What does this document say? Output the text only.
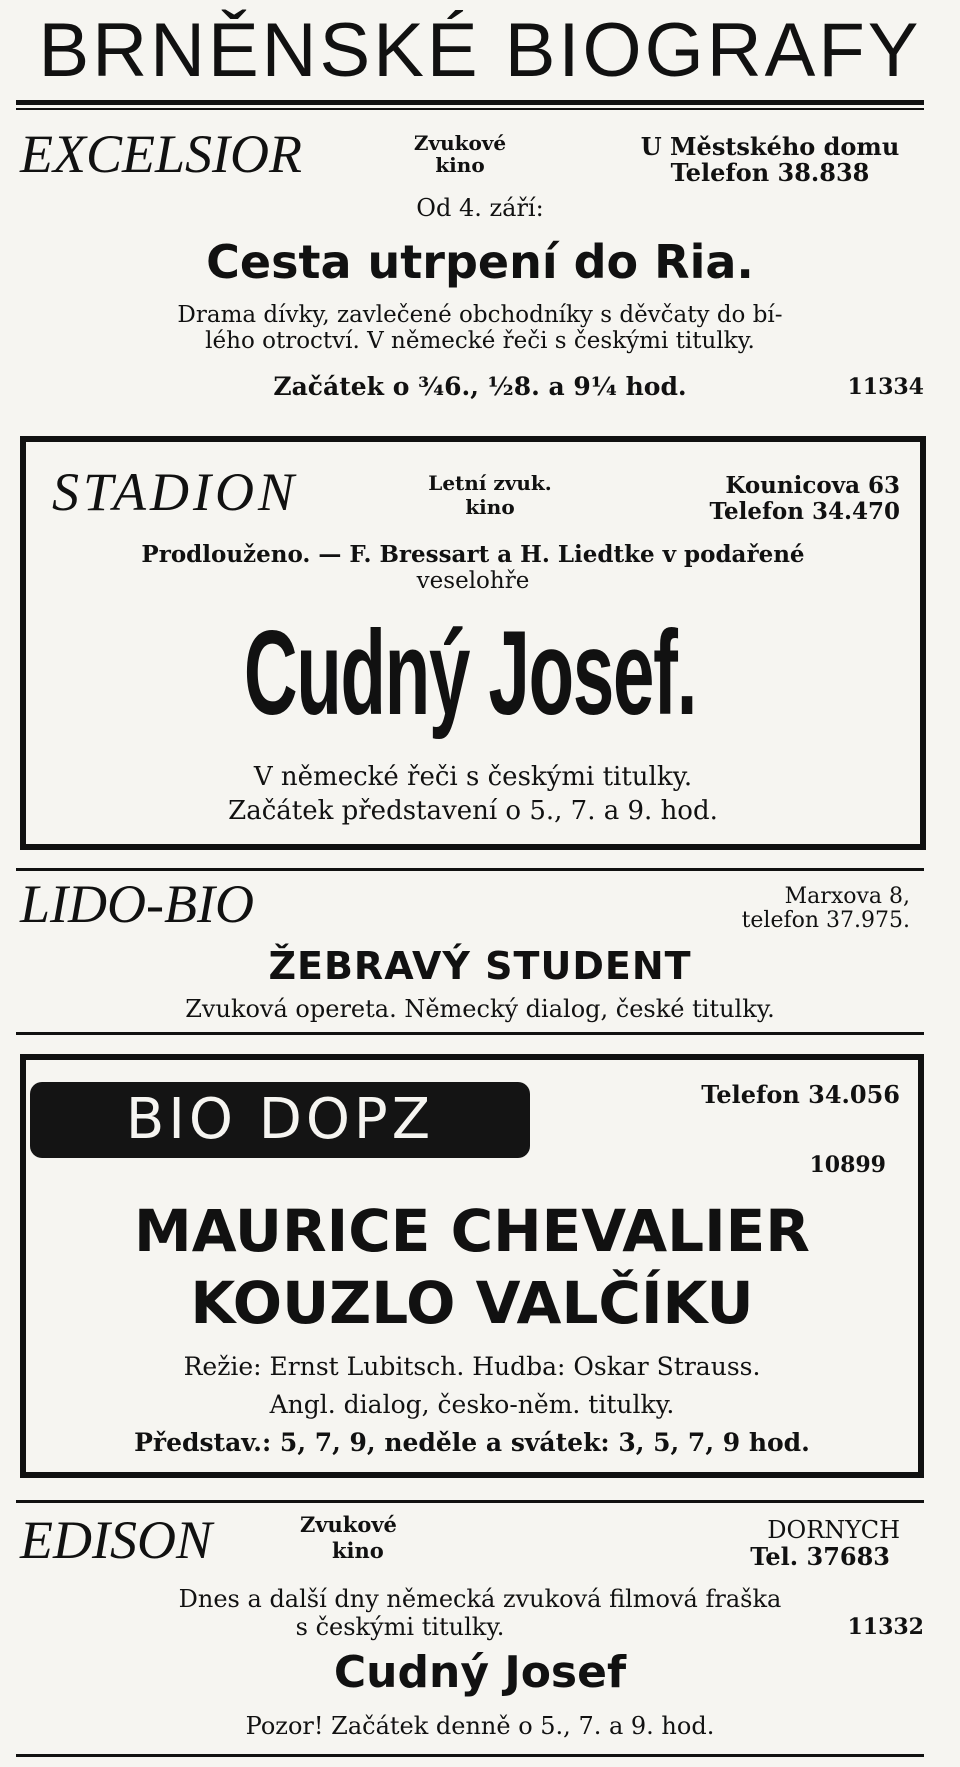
BRNĚNSKÉ BIOGRAFY
EXCELSIOR	Zvukové
kino
U Městského domu
Telefon 38.838
Od 4. září:
Cesta utrpení do Ria.
Drama dívky, zavlečené obchodníky s děvčaty do bí-
lého otroctví. V německé řeči s českými titulky.
Začátek o ¾6., ½8. a 9¼ hod.	11334
STADION	Letní zvuk.
kino
Kounicova 63
Telefon 34.470
Prodlouženo. — F. Bressart a H. Liedtke v podařené
veselohře
Cudný Josef.
V německé řeči s českými titulky.
Začátek představení o 5., 7. a 9. hod.
LIDO-BIO	Marxova 8,
telefon 37.975.
ŽEBRAVÝ STUDENT
Zvuková opereta. Německý dialog, české titulky.
BIO DOPZ	Telefon 34.056
10899
MAURICE CHEVALIER
KOUZLO VALČÍKU
Režie: Ernst Lubitsch. Hudba: Oskar Strauss.
Angl. dialog, česko-něm. titulky.
Představ.: 5, 7, 9, neděle a svátek: 3, 5, 7, 9 hod.
EDISON	Zvukové
kino
DORNYCH
Tel. 37683
Dnes a další dny německá zvuková filmová fraška
s českými titulky.	11332
Cudný Josef
Pozor! Začátek denně o 5., 7. a 9. hod.
